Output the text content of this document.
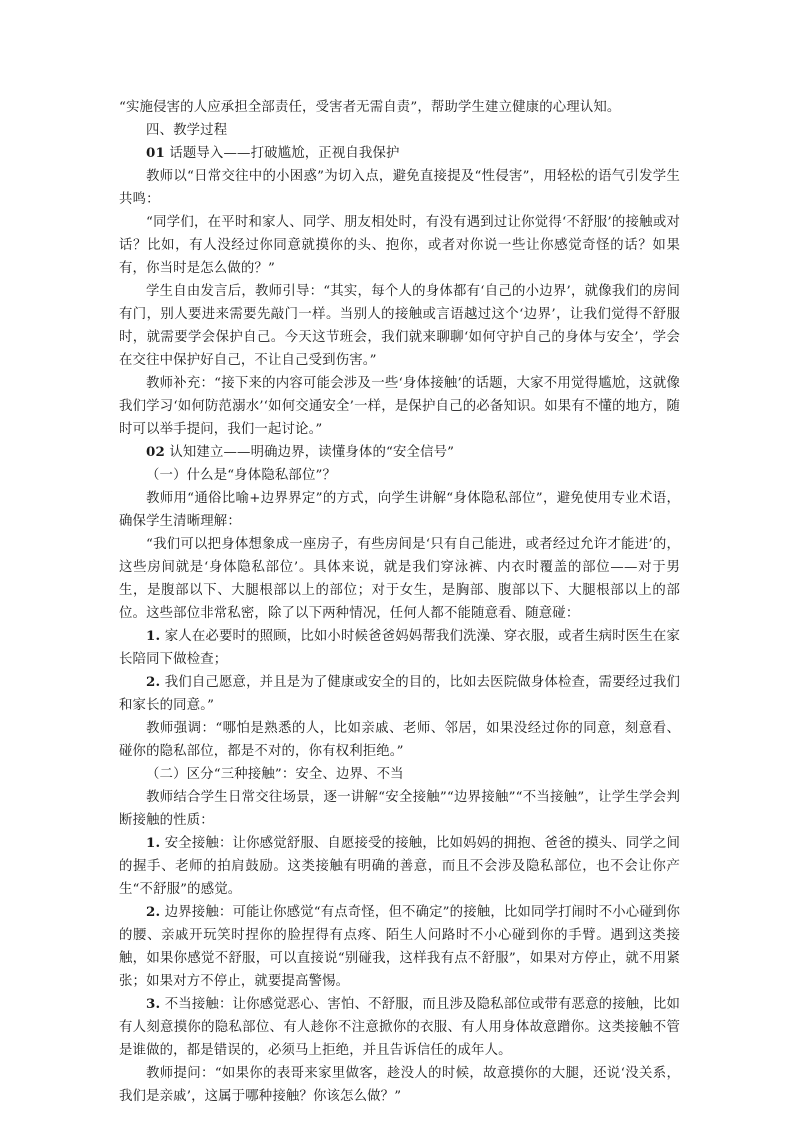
“实施侵害的人应承担全部责任，受害者无需自责”，帮助学生建立健康的心理认知。

四、教学过程

01 话题导入——打破尴尬，正视自我保护

教师以“日常交往中的小困惑”为切入点，避免直接提及“性侵害”，用轻松的语气引发学生共鸣：

“同学们，在平时和家人、同学、朋友相处时，有没有遇到过让你觉得‘不舒服’的接触或对话？比如，有人没经过你同意就摸你的头、抱你，或者对你说一些让你感觉奇怪的话？如果有，你当时是怎么做的？”

学生自由发言后，教师引导：“其实，每个人的身体都有‘自己的小边界’，就像我们的房间有门，别人要进来需要先敲门一样。当别人的接触或言语越过这个‘边界’，让我们觉得不舒服时，就需要学会保护自己。今天这节班会，我们就来聊聊‘如何守护自己的身体与安全’，学会在交往中保护好自己，不让自己受到伤害。”

教师补充：“接下来的内容可能会涉及一些‘身体接触’的话题，大家不用觉得尴尬，这就像我们学习‘如何防范溺水’‘如何交通安全’一样，是保护自己的必备知识。如果有不懂的地方，随时可以举手提问，我们一起讨论。”

02 认知建立——明确边界，读懂身体的“安全信号”

（一）什么是“身体隐私部位”？

教师用“通俗比喻+边界界定”的方式，向学生讲解“身体隐私部位”，避免使用专业术语，确保学生清晰理解：

“我们可以把身体想象成一座房子，有些房间是‘只有自己能进，或者经过允许才能进’的，这些房间就是‘身体隐私部位’。具体来说，就是我们穿泳裤、内衣时覆盖的部位——对于男生，是腹部以下、大腿根部以上的部位；对于女生，是胸部、腹部以下、大腿根部以上的部位。这些部位非常私密，除了以下两种情况，任何人都不能随意看、随意碰：

1. 家人在必要时的照顾，比如小时候爸爸妈妈帮我们洗澡、穿衣服，或者生病时医生在家长陪同下做检查；

2. 我们自己愿意，并且是为了健康或安全的目的，比如去医院做身体检查，需要经过我们和家长的同意。”

教师强调：“哪怕是熟悉的人，比如亲戚、老师、邻居，如果没经过你的同意，刻意看、碰你的隐私部位，都是不对的，你有权利拒绝。”

（二）区分“三种接触”：安全、边界、不当

教师结合学生日常交往场景，逐一讲解“安全接触”“边界接触”“不当接触”，让学生学会判断接触的性质：

1. 安全接触：让你感觉舒服、自愿接受的接触，比如妈妈的拥抱、爸爸的摸头、同学之间的握手、老师的拍肩鼓励。这类接触有明确的善意，而且不会涉及隐私部位，也不会让你产生“不舒服”的感觉。

2. 边界接触：可能让你感觉“有点奇怪，但不确定”的接触，比如同学打闹时不小心碰到你的腰、亲戚开玩笑时捏你的脸捏得有点疼、陌生人问路时不小心碰到你的手臂。遇到这类接触，如果你感觉不舒服，可以直接说“别碰我，这样我有点不舒服”，如果对方停止，就不用紧张；如果对方不停止，就要提高警惕。

3. 不当接触：让你感觉恶心、害怕、不舒服，而且涉及隐私部位或带有恶意的接触，比如有人刻意摸你的隐私部位、有人趁你不注意掀你的衣服、有人用身体故意蹭你。这类接触不管是谁做的，都是错误的，必须马上拒绝，并且告诉信任的成年人。

教师提问：“如果你的表哥来家里做客，趁没人的时候，故意摸你的大腿，还说‘没关系，我们是亲戚’，这属于哪种接触？你该怎么做？”
